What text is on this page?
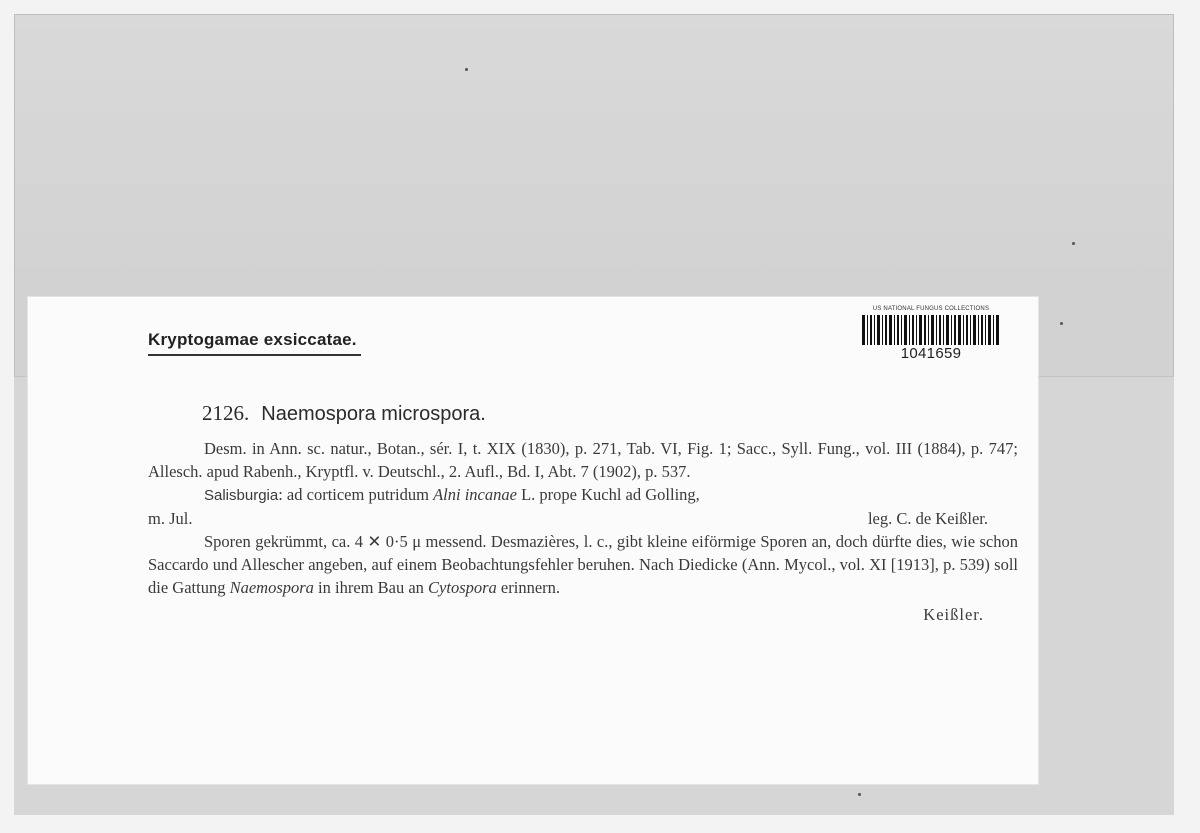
Kryptogamae exsiccatae.
US NATIONAL FUNGUS COLLECTIONS
1041659

2126. Naemospora microspora.

Desm. in Ann. sc. natur., Botan., sér. I, t. XIX (1830), p. 271, Tab. VI, Fig. 1; Sacc., Syll. Fung., vol. III (1884), p. 747; Allesch. apud Rabenh., Kryptfl. v. Deutschl., 2. Aufl., Bd. I, Abt. 7 (1902), p. 537.

Salisburgia: ad corticem putridum Alni incanae L. prope Kuchl ad Golling,

m. Jul.	leg. C. de Keißler.

Sporen gekrümmt, ca. 4 ✕ 0·5 μ messend. Desmazières, l. c., gibt kleine eiförmige Sporen an, doch dürfte dies, wie schon Saccardo und Allescher angeben, auf einem Beobachtungsfehler beruhen. Nach Diedicke (Ann. Mycol., vol. XI [1913], p. 539) soll die Gattung Naemospora in ihrem Bau an Cytospora erinnern.

Keißler.
